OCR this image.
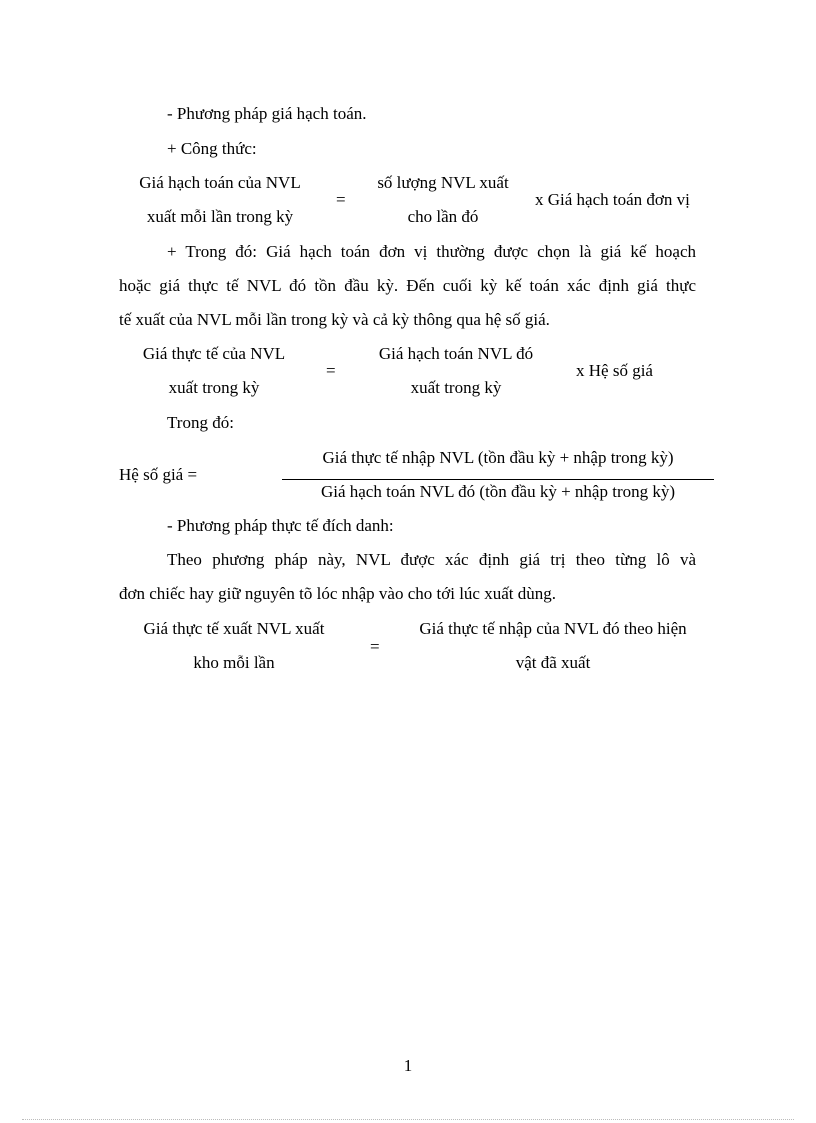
- Phương pháp giá hạch toán.
+ Công thức:
Giá hạch toán của NVL
xuất mỗi lần trong kỳ
=
số lượng NVL xuất
cho lần đó
x Giá hạch toán đơn vị
+ Trong đó: Giá hạch toán đơn vị thường được chọn là giá kế hoạch
hoặc giá thực tế NVL đó tồn đầu kỳ. Đến cuối kỳ kế toán xác định giá thực
tế xuất của NVL mỗi lần trong kỳ và cả kỳ thông qua hệ số giá.
Giá thực tế của NVL
xuất trong kỳ
=
Giá hạch toán NVL đó
xuất trong kỳ
x Hệ số giá
Trong đó:
Hệ số giá =
Giá thực tế nhập NVL (tồn đầu kỳ + nhập trong kỳ)
Giá hạch toán NVL đó (tồn đầu kỳ + nhập trong kỳ)
- Phương pháp thực tế đích danh:
Theo phương pháp này, NVL được xác định giá trị theo từng lô và
đơn chiếc hay giữ nguyên tõ lóc nhập vào cho tới lúc xuất dùng.
Giá thực tế xuất NVL xuất
kho mỗi lần
=
Giá thực tế nhập của NVL đó theo hiện
vật đã xuất
1
